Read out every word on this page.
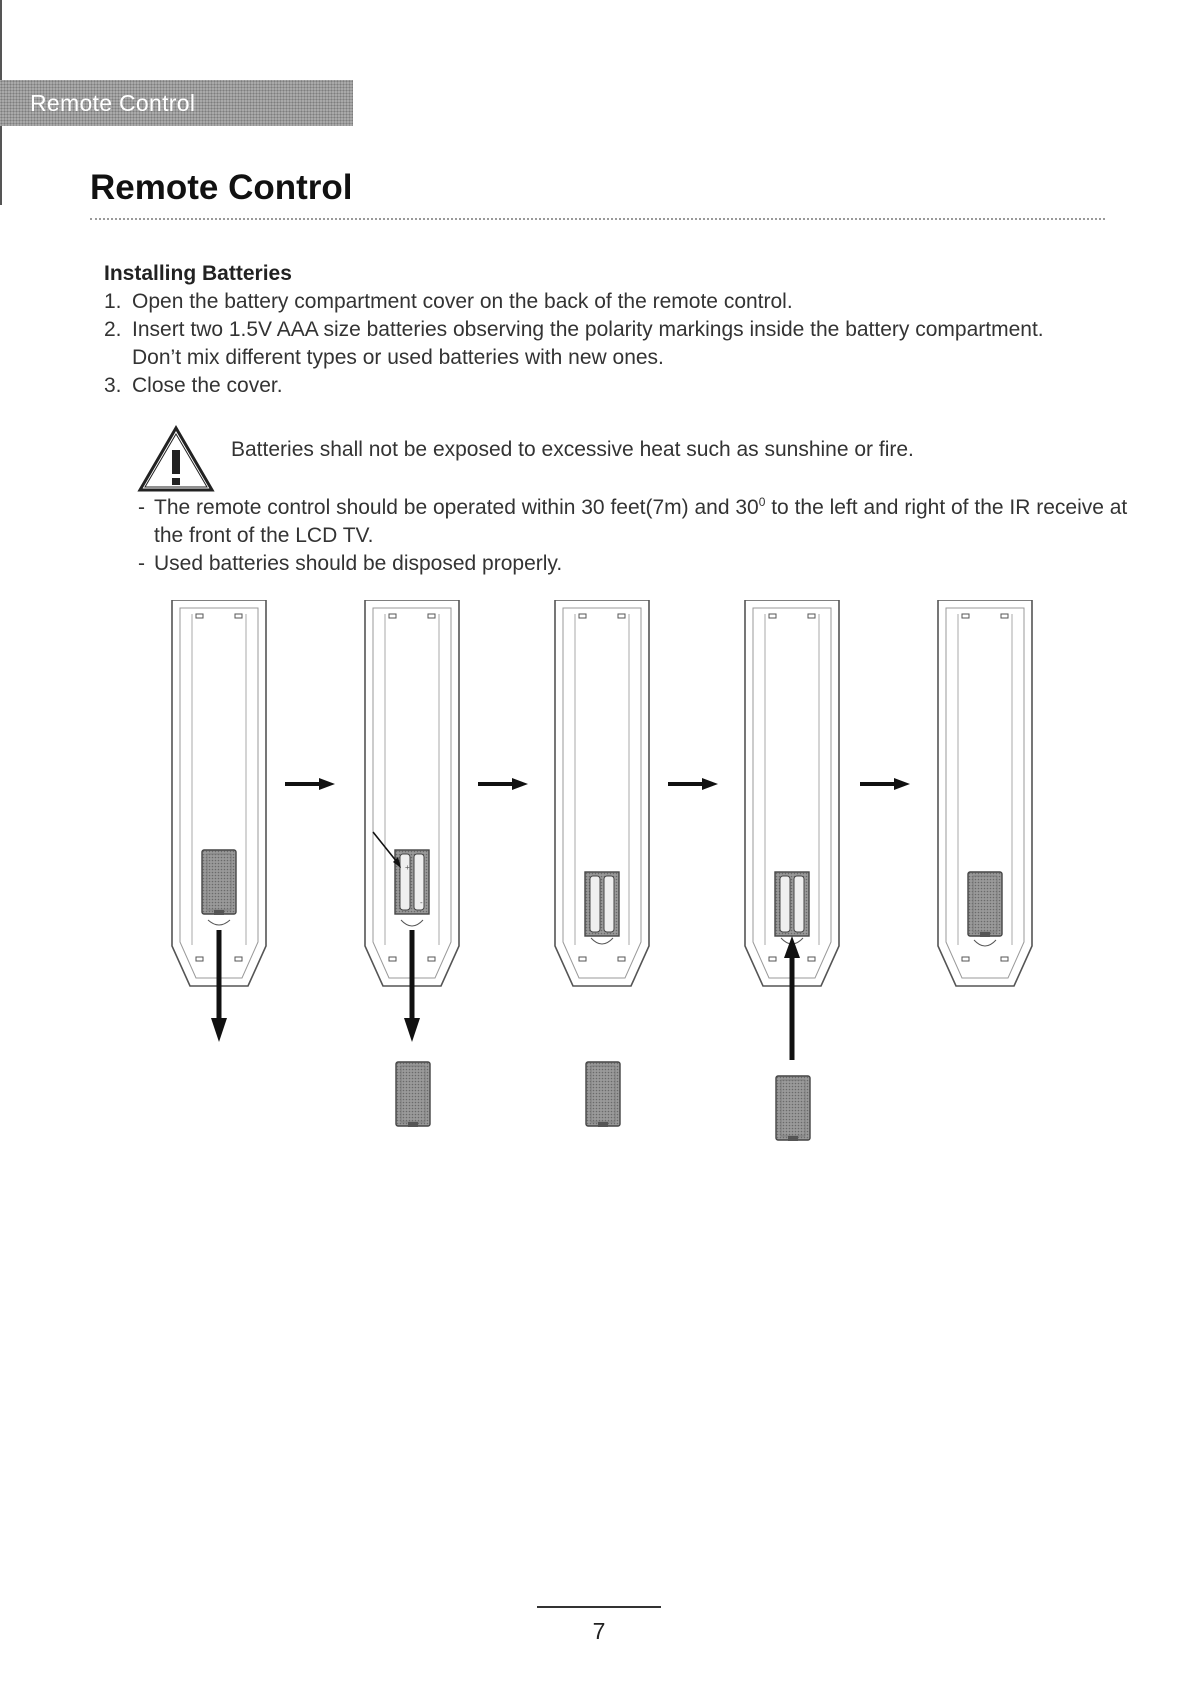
Remote Control
Remote Control
Installing Batteries
1. Open the battery compartment cover on the back of the remote control.
2. Insert two 1.5V AAA size batteries observing the polarity markings inside the battery compartment. Don’t mix different types or used batteries with new ones.
3. Close the cover.
Batteries shall not be exposed to excessive heat such as sunshine or fire.
- The remote control should be operated within 30 feet(7m) and $30^0$ to the left and right of the IR receive at the front of the LCD TV.
- Used batteries should be disposed properly.
+
-
7
